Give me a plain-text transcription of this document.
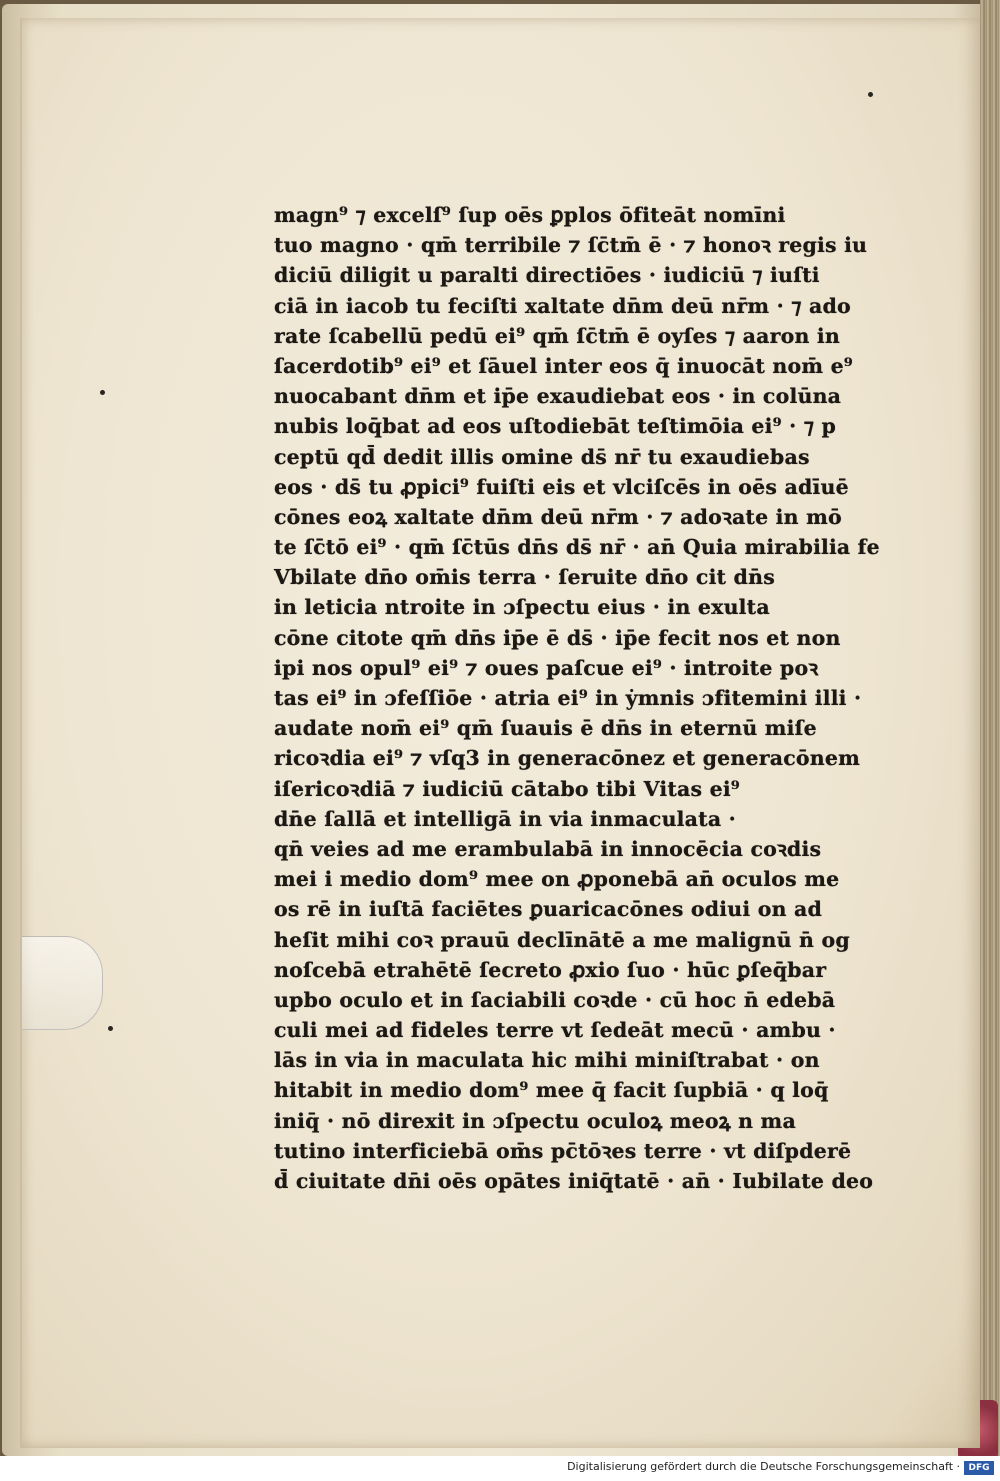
magn⁹ ⁊ excelſ⁹ ſup oēs ꝑplos ōfiteāt nomīni
tuo magno · qm̄ terribile ⁊ ſc̄tm̄ ē · ⁊ honoꝛ regis iu
diciū diligit u paralti directiōes · iudiciū ⁊ iuſti
ciā in iacob tu feciſti xaltate dn̄m deū nr̄m · ⁊ ado
rate ſcabellū pedū ei⁹ qm̄ ſc̄tm̄ ē oyſes ⁊ aaron in
ſacerdotib⁹ ei⁹ et ſāuel inter eos q̄ inuocāt nom̄ e⁹
nuocabant dn̄m et ip̄e exaudiebat eos · in colūna
nubis loq̄bat ad eos uſtodiebāt teſtimōia ei⁹ · ⁊ p
ceptū qd̄ dedit illis omine ds̄ nr̄ tu exaudiebas
eos · ds̄ tu ꝓpici⁹ fuiſti eis et vlciſcēs in oēs adīuē
cōnes eoꝝ xaltate dn̄m deū nr̄m · ⁊ adoꝛate in mō
te ſc̄tō ei⁹ · qm̄ ſc̄tūs dn̄s ds̄ nr̄ · an̄ Quia mirabilia fe
Vbilate dn̄o om̄is terra · ſeruite dn̄o cit dn̄s
in leticia ntroite in ɔſpectu eius · in exulta
cōne citote qm̄ dn̄s ip̄e ē ds̄ · ip̄e fecit nos et non
ipi nos opul⁹ ei⁹ ⁊ oues paſcue ei⁹ · introite poꝛ
tas ei⁹ in ɔfeſſiōe · atria ei⁹ in ẏmnis ɔfitemini illi ·
audate nom̄ ei⁹ qm̄ ſuauis ē dn̄s in eternū miſe
ricoꝛdia ei⁹ ⁊ vſq3 in generacōnez et generacōnem
iſericoꝛdiā ⁊ iudiciū cātabo tibi Vitas ei⁹
dn̄e ſallā et intelligā in via inmaculata ·
qn̄ veies ad me erambulabā in innocēcia coꝛdis
mei i medio dom⁹ mee on ꝓponebā an̄ oculos me
os rē in iuſtā faciētes ꝑuaricacōnes odiui on ad
heſit mihi coꝛ prauū declīnātē a me malignū n̄ og
noſcebā etrahētē ſecreto ꝓxio ſuo · hūc ꝑſeq̄bar
upbo oculo et in ſaciabili coꝛde · cū hoc n̄ edebā
culi mei ad fideles terre vt ſedeāt mecū · ambu ·
lās in via in maculata hic mihi miniſtrabat · on
hitabit in medio dom⁹ mee q̄ facit ſupbiā · q loq̄
iniq̄ · nō direxit in ɔſpectu oculoꝝ meoꝝ n ma
tutino interficiebā om̄s pc̄tōꝛes terre · vt diſpderē
d̄ ciuitate dn̄i oēs opātes iniq̄tatē · an̄ · Iubilate deo
Digitalisierung gefördert durch die Deutsche Forschungsgemeinschaft · DFG
